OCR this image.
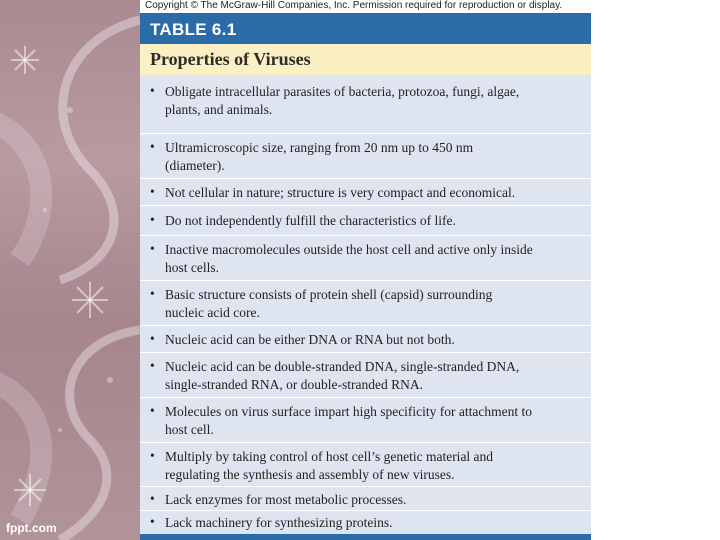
fppt.com
Copyright © The McGraw-Hill Companies, Inc. Permission required for reproduction or display.
TABLE 6.1
Properties of Viruses
• Obligate intracellular parasites of bacteria, protozoa, fungi, algae,
plants, and animals.
• Ultramicroscopic size, ranging from 20 nm up to 450 nm
(diameter).
• Not cellular in nature; structure is very compact and economical.
• Do not independently fulfill the characteristics of life.
• Inactive macromolecules outside the host cell and active only inside
host cells.
• Basic structure consists of protein shell (capsid) surrounding
nucleic acid core.
• Nucleic acid can be either DNA or RNA but not both.
• Nucleic acid can be double-stranded DNA, single-stranded DNA,
single-stranded RNA, or double-stranded RNA.
• Molecules on virus surface impart high specificity for attachment to
host cell.
• Multiply by taking control of host cell’s genetic material and
regulating the synthesis and assembly of new viruses.
• Lack enzymes for most metabolic processes.
• Lack machinery for synthesizing proteins.
